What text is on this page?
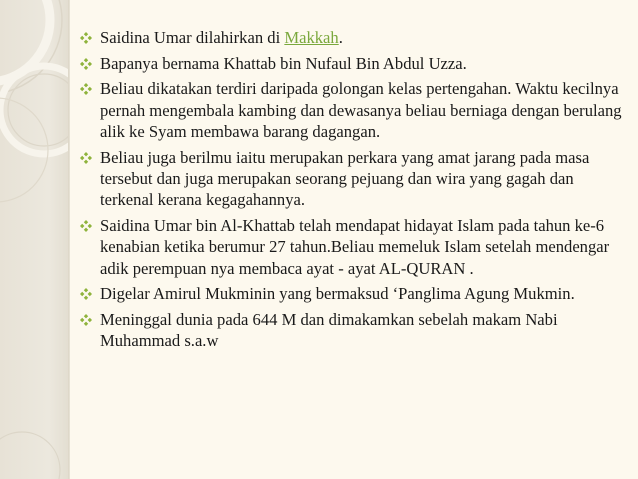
Saidina Umar dilahirkan di Makkah.
Bapanya bernama Khattab bin Nufaul Bin Abdul Uzza.
Beliau dikatakan terdiri daripada golongan kelas pertengahan. Waktu kecilnya pernah mengembala kambing dan dewasanya beliau berniaga dengan berulang alik ke Syam membawa barang dagangan.
Beliau juga berilmu iaitu merupakan perkara yang amat jarang pada masa tersebut dan juga merupakan seorang pejuang dan wira yang gagah dan terkenal kerana kegagahannya.
Saidina Umar bin Al-Khattab telah mendapat hidayat Islam pada tahun ke-6 kenabian ketika berumur 27 tahun.Beliau memeluk Islam setelah mendengar adik perempuan nya membaca ayat - ayat AL-QURAN .
Digelar Amirul Mukminin yang bermaksud ‘Panglima Agung Mukmin.
Meninggal dunia pada 644 M dan dimakamkan sebelah makam Nabi Muhammad s.a.w
